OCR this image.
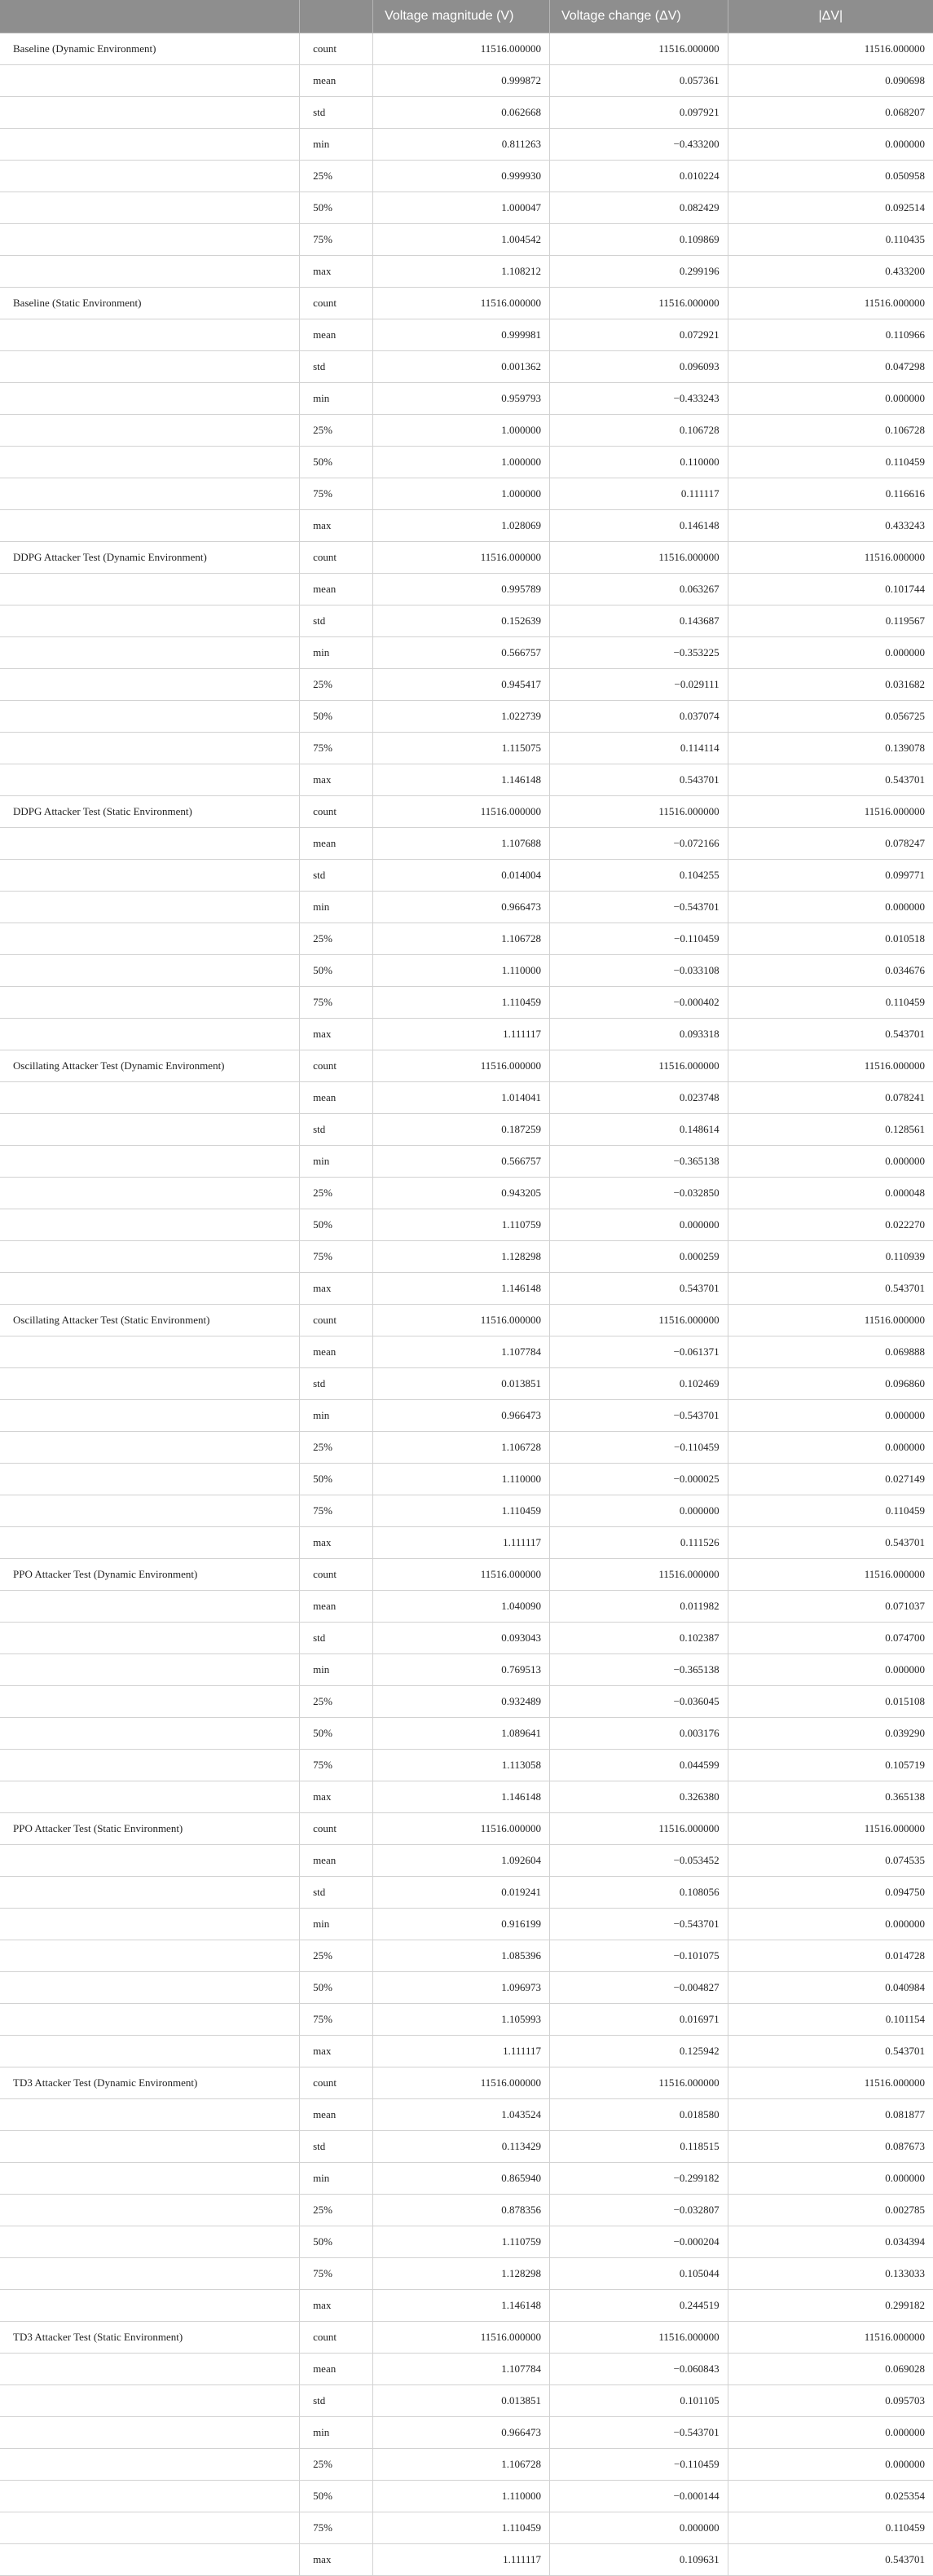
		Voltage magnitude (V)	Voltage change (ΔV)	|ΔV|
Baseline (Dynamic Environment)	count	11516.000000	11516.000000	11516.000000
	mean	0.999872	0.057361	0.090698
	std	0.062668	0.097921	0.068207
	min	0.811263	−0.433200	0.000000
	25%	0.999930	0.010224	0.050958
	50%	1.000047	0.082429	0.092514
	75%	1.004542	0.109869	0.110435
	max	1.108212	0.299196	0.433200
Baseline (Static Environment)	count	11516.000000	11516.000000	11516.000000
	mean	0.999981	0.072921	0.110966
	std	0.001362	0.096093	0.047298
	min	0.959793	−0.433243	0.000000
	25%	1.000000	0.106728	0.106728
	50%	1.000000	0.110000	0.110459
	75%	1.000000	0.111117	0.116616
	max	1.028069	0.146148	0.433243
DDPG Attacker Test (Dynamic Environment)	count	11516.000000	11516.000000	11516.000000
	mean	0.995789	0.063267	0.101744
	std	0.152639	0.143687	0.119567
	min	0.566757	−0.353225	0.000000
	25%	0.945417	−0.029111	0.031682
	50%	1.022739	0.037074	0.056725
	75%	1.115075	0.114114	0.139078
	max	1.146148	0.543701	0.543701
DDPG Attacker Test (Static Environment)	count	11516.000000	11516.000000	11516.000000
	mean	1.107688	−0.072166	0.078247
	std	0.014004	0.104255	0.099771
	min	0.966473	−0.543701	0.000000
	25%	1.106728	−0.110459	0.010518
	50%	1.110000	−0.033108	0.034676
	75%	1.110459	−0.000402	0.110459
	max	1.111117	0.093318	0.543701
Oscillating Attacker Test (Dynamic Environment)	count	11516.000000	11516.000000	11516.000000
	mean	1.014041	0.023748	0.078241
	std	0.187259	0.148614	0.128561
	min	0.566757	−0.365138	0.000000
	25%	0.943205	−0.032850	0.000048
	50%	1.110759	0.000000	0.022270
	75%	1.128298	0.000259	0.110939
	max	1.146148	0.543701	0.543701
Oscillating Attacker Test (Static Environment)	count	11516.000000	11516.000000	11516.000000
	mean	1.107784	−0.061371	0.069888
	std	0.013851	0.102469	0.096860
	min	0.966473	−0.543701	0.000000
	25%	1.106728	−0.110459	0.000000
	50%	1.110000	−0.000025	0.027149
	75%	1.110459	0.000000	0.110459
	max	1.111117	0.111526	0.543701
PPO Attacker Test (Dynamic Environment)	count	11516.000000	11516.000000	11516.000000
	mean	1.040090	0.011982	0.071037
	std	0.093043	0.102387	0.074700
	min	0.769513	−0.365138	0.000000
	25%	0.932489	−0.036045	0.015108
	50%	1.089641	0.003176	0.039290
	75%	1.113058	0.044599	0.105719
	max	1.146148	0.326380	0.365138
PPO Attacker Test (Static Environment)	count	11516.000000	11516.000000	11516.000000
	mean	1.092604	−0.053452	0.074535
	std	0.019241	0.108056	0.094750
	min	0.916199	−0.543701	0.000000
	25%	1.085396	−0.101075	0.014728
	50%	1.096973	−0.004827	0.040984
	75%	1.105993	0.016971	0.101154
	max	1.111117	0.125942	0.543701
TD3 Attacker Test (Dynamic Environment)	count	11516.000000	11516.000000	11516.000000
	mean	1.043524	0.018580	0.081877
	std	0.113429	0.118515	0.087673
	min	0.865940	−0.299182	0.000000
	25%	0.878356	−0.032807	0.002785
	50%	1.110759	−0.000204	0.034394
	75%	1.128298	0.105044	0.133033
	max	1.146148	0.244519	0.299182
TD3 Attacker Test (Static Environment)	count	11516.000000	11516.000000	11516.000000
	mean	1.107784	−0.060843	0.069028
	std	0.013851	0.101105	0.095703
	min	0.966473	−0.543701	0.000000
	25%	1.106728	−0.110459	0.000000
	50%	1.110000	−0.000144	0.025354
	75%	1.110459	0.000000	0.110459
	max	1.111117	0.109631	0.543701
